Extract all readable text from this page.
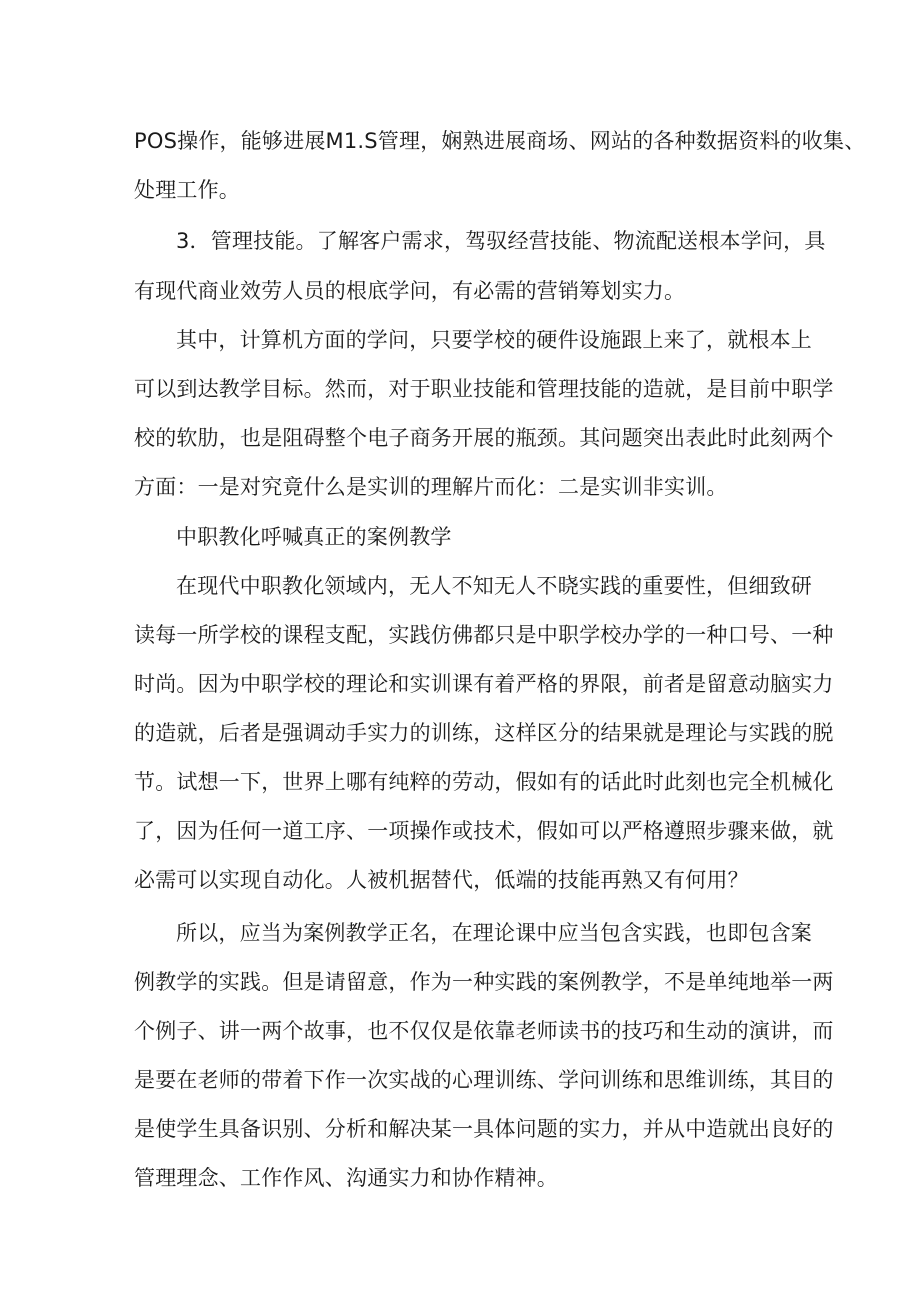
POS操作，能够进展M1.S管理，娴熟进展商场、网站的各种数据资料的收集、
处理工作。
3．管理技能。了解客户需求，驾驭经营技能、物流配送根本学问，具
有现代商业效劳人员的根底学问，有必需的营销筹划实力。
其中，计算机方面的学问，只要学校的硬件设施跟上来了，就根本上
可以到达教学目标。然而，对于职业技能和管理技能的造就，是目前中职学
校的软肋，也是阻碍整个电子商务开展的瓶颈。其问题突出表此时此刻两个
方面：一是对究竟什么是实训的理解片而化：二是实训非实训。
中职教化呼喊真正的案例教学
在现代中职教化领域内，无人不知无人不晓实践的重要性，但细致研
读每一所学校的课程支配，实践仿佛都只是中职学校办学的一种口号、一种
时尚。因为中职学校的理论和实训课有着严格的界限，前者是留意动脑实力
的造就，后者是强调动手实力的训练，这样区分的结果就是理论与实践的脱
节。试想一下，世界上哪有纯粹的劳动，假如有的话此时此刻也完全机械化
了，因为任何一道工序、一项操作或技术，假如可以严格遵照步骤来做，就
必需可以实现自动化。人被机据替代，低端的技能再熟又有何用？
所以，应当为案例教学正名，在理论课中应当包含实践，也即包含案
例教学的实践。但是请留意，作为一种实践的案例教学，不是单纯地举一两
个例子、讲一两个故事，也不仅仅是依靠老师读书的技巧和生动的演讲，而
是要在老师的带着下作一次实战的心理训练、学问训练和思维训练，其目的
是使学生具备识别、分析和解决某一具体问题的实力，并从中造就出良好的
管理理念、工作作风、沟通实力和协作精神。
